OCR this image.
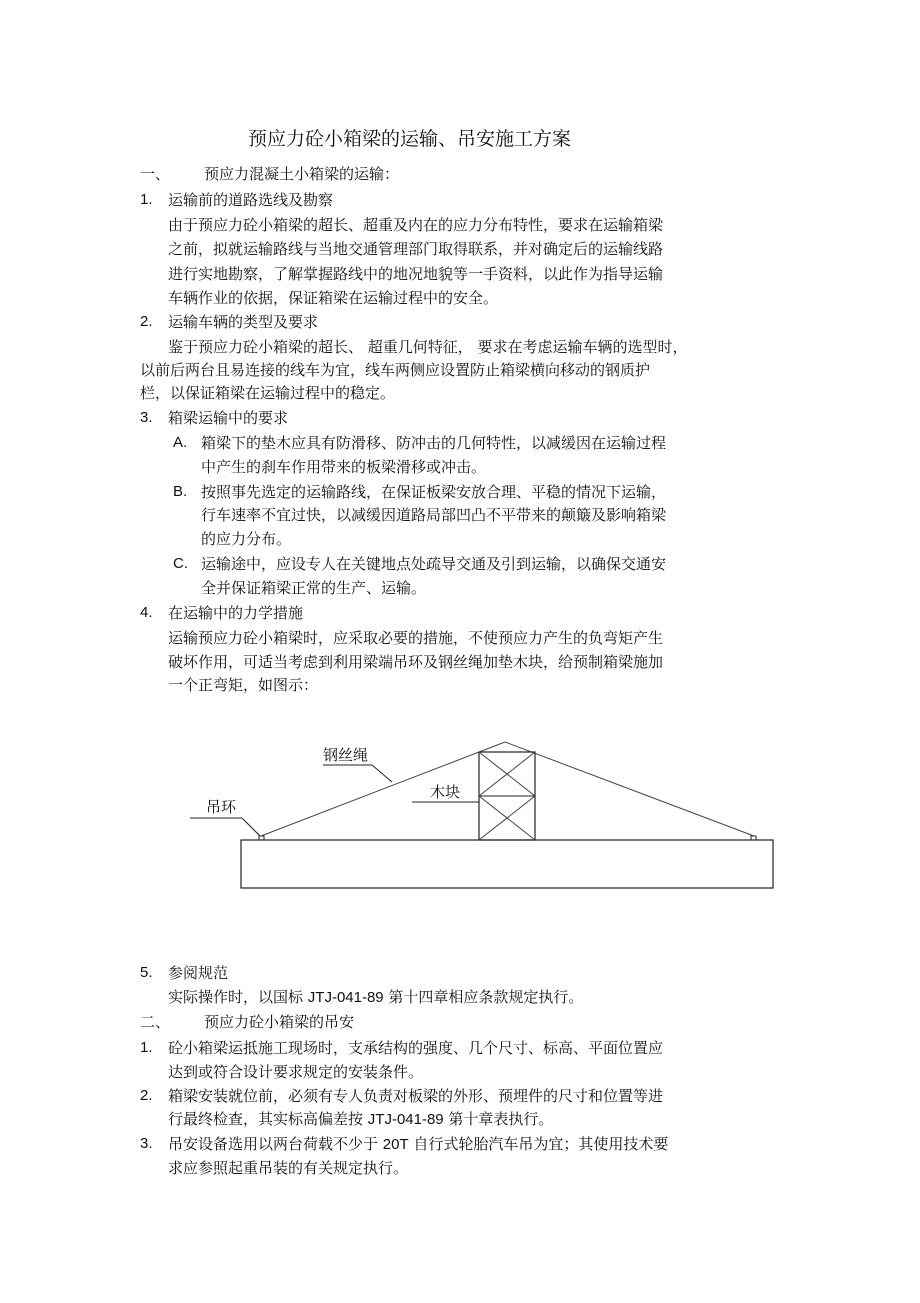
预应力砼小箱梁的运输、吊安施工方案
一、 预应力混凝土小箱梁的运输：
1. 运输前的道路选线及勘察
由于预应力砼小箱梁的超长、超重及内在的应力分布特性，要求在运输箱梁
之前，拟就运输路线与当地交通管理部门取得联系，并对确定后的运输线路
进行实地勘察，了解掌握路线中的地况地貌等一手资料，以此作为指导运输
车辆作业的依据，保证箱梁在运输过程中的安全。
2. 运输车辆的类型及要求
鉴于预应力砼小箱梁的超长、 超重几何特征， 要求在考虑运输车辆的选型时，
以前后两台且易连接的线车为宜，线车两侧应设置防止箱梁横向移动的钢质护
栏，以保证箱梁在运输过程中的稳定。
3. 箱梁运输中的要求
A. 箱梁下的垫木应具有防滑移、防冲击的几何特性，以减缓因在运输过程
中产生的刹车作用带来的板梁滑移或冲击。
B. 按照事先选定的运输路线，在保证板梁安放合理、平稳的情况下运输，
行车速率不宜过快，以减缓因道路局部凹凸不平带来的颠簸及影响箱梁
的应力分布。
C. 运输途中，应设专人在关键地点处疏导交通及引到运输，以确保交通安
全并保证箱梁正常的生产、运输。
4. 在运输中的力学措施
运输预应力砼小箱梁时，应采取必要的措施，不使预应力产生的负弯矩产生
破坏作用，可适当考虑到利用梁端吊环及钢丝绳加垫木块，给预制箱梁施加
一个正弯矩，如图示：
钢丝绳
吊环
木块
5. 参阅规范
实际操作时，以国标 JTJ-041-89 第十四章相应条款规定执行。
二、 预应力砼小箱梁的吊安
1. 砼小箱梁运抵施工现场时，支承结构的强度、几个尺寸、标高、平面位置应
达到或符合设计要求规定的安装条件。
2. 箱梁安装就位前，必须有专人负责对板梁的外形、预埋件的尺寸和位置等进
行最终检查，其实标高偏差按 JTJ-041-89 第十章表执行。
3. 吊安设备选用以两台荷载不少于 20T 自行式轮胎汽车吊为宜；其使用技术要
求应参照起重吊装的有关规定执行。
